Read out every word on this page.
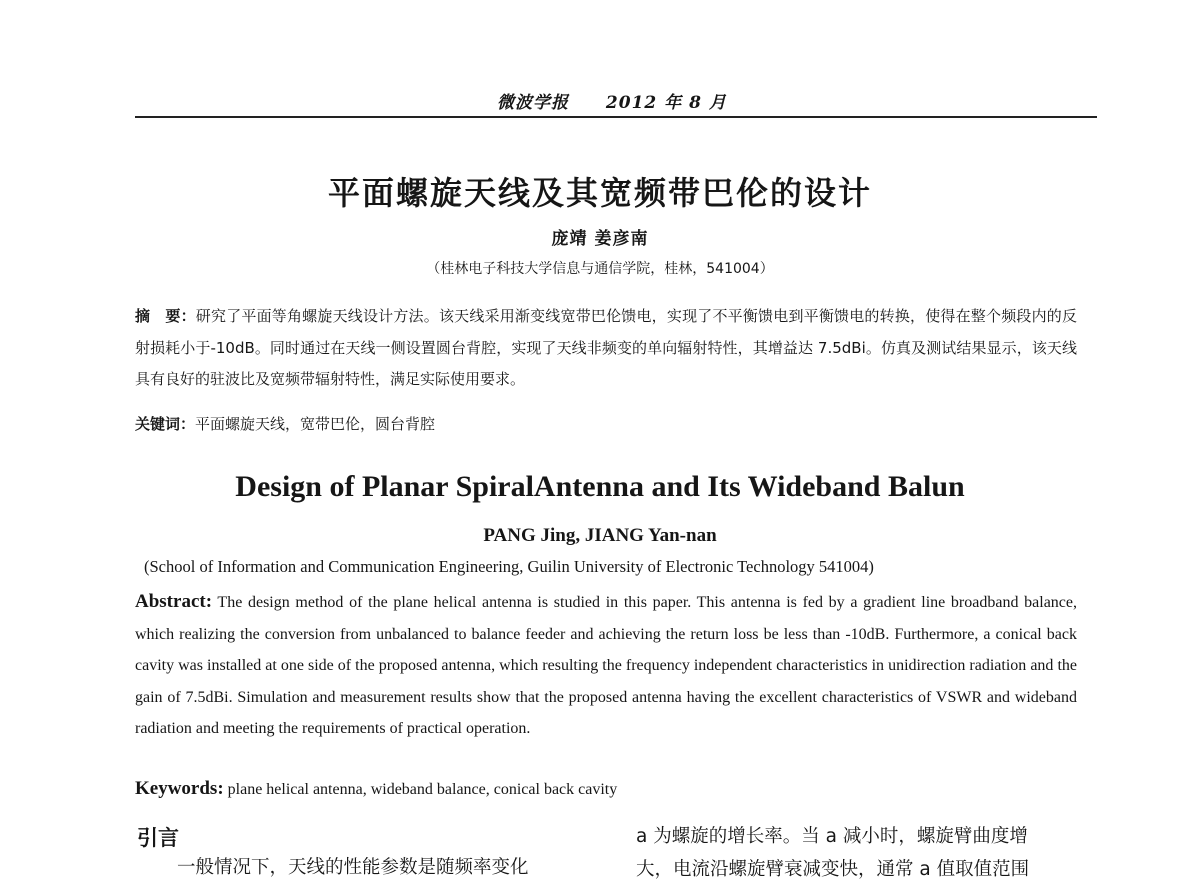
微波学报 2012 年 8 月
平面螺旋天线及其宽频带巴伦的设计
庞靖 姜彦南
（桂林电子科技大学信息与通信学院，桂林，541004）
摘　要：研究了平面等角螺旋天线设计方法。该天线采用渐变线宽带巴伦馈电，实现了不平衡馈电到平衡馈电的转换，使得在整个频段内的反射损耗小于-10dB。同时通过在天线一侧设置圆台背腔，实现了天线非频变的单向辐射特性，其增益达 7.5dBi。仿真及测试结果显示，该天线具有良好的驻波比及宽频带辐射特性，满足实际使用要求。
关键词：平面螺旋天线，宽带巴伦，圆台背腔
Design of Planar SpiralAntenna and Its Wideband Balun
PANG Jing, JIANG Yan-nan
(School of Information and Communication Engineering, Guilin University of Electronic Technology 541004)
Abstract: The design method of the plane helical antenna is studied in this paper. This antenna is fed by a gradient line broadband balance, which realizing the conversion from unbalanced to balance feeder and achieving the return loss be less than -10dB. Furthermore, a conical back cavity was installed at one side of the proposed antenna, which resulting the frequency independent characteristics in unidirection radiation and the gain of 7.5dBi. Simulation and measurement results show that the proposed antenna having the excellent characteristics of VSWR and wideband radiation and meeting the requirements of practical operation.
Keywords: plane helical antenna, wideband balance, conical back cavity
引言
一般情况下，天线的性能参数是随频率变化
a 为螺旋的增长率。当 a 减小时，螺旋臂曲度增
大，电流沿螺旋臂衰减变快，通常 a 值取值范围
